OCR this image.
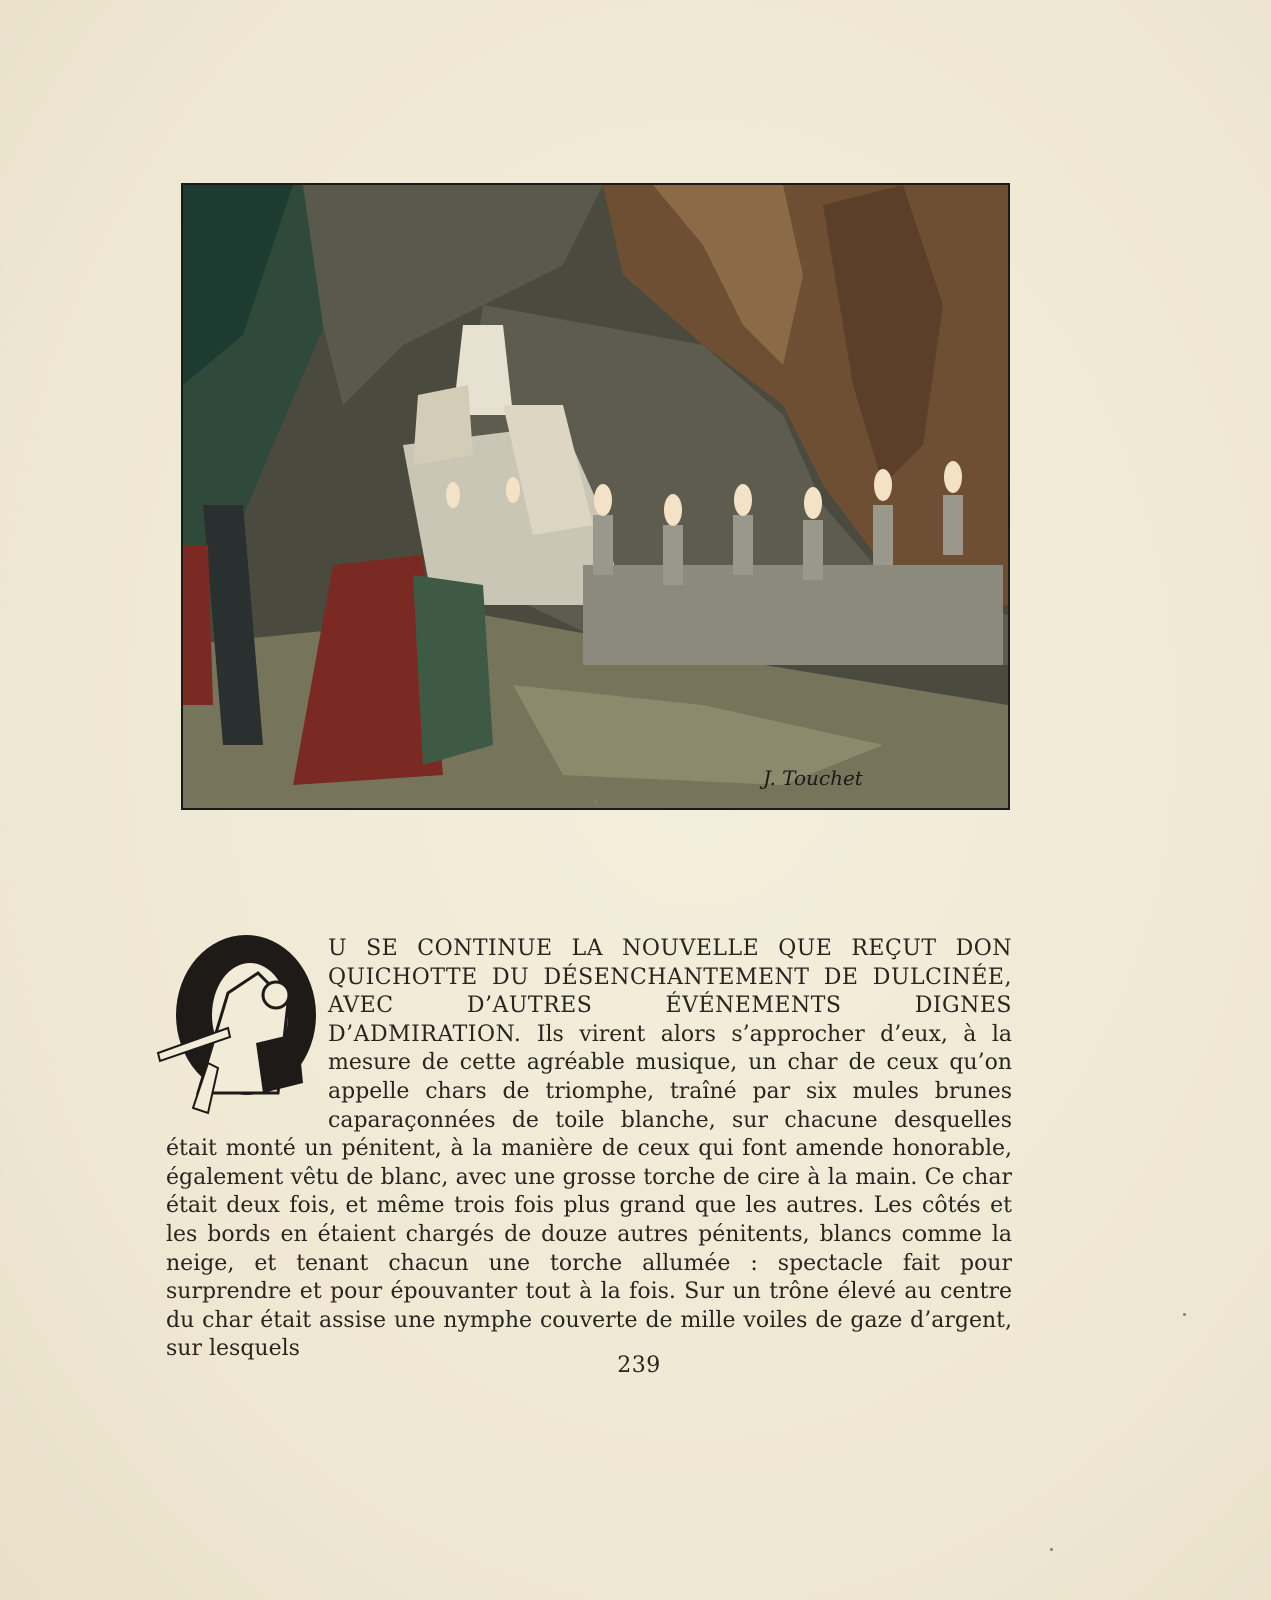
J. Touchet
U SE CONTINUE LA NOUVELLE QUE REÇUT DON QUICHOTTE DU DÉSENCHANTEMENT DE DULCINÉE, AVEC D’AUTRES ÉVÉNEMENTS DIGNES D’ADMIRATION. Ils virent alors s’approcher d’eux, à la mesure de cette agréable musique, un char de ceux qu’on appelle chars de triomphe, traîné par six mules brunes caparaçonnées de toile blanche, sur chacune desquelles était monté un pénitent, à la manière de ceux qui font amende honorable, également vêtu de blanc, avec une grosse torche de cire à la main. Ce char était deux fois, et même trois fois plus grand que les autres. Les côtés et les bords en étaient chargés de douze autres pénitents, blancs comme la neige, et tenant chacun une torche allumée : spectacle fait pour surprendre et pour épouvanter tout à la fois. Sur un trône élevé au centre du char était assise une nymphe couverte de mille voiles de gaze d’argent, sur lesquels
239
